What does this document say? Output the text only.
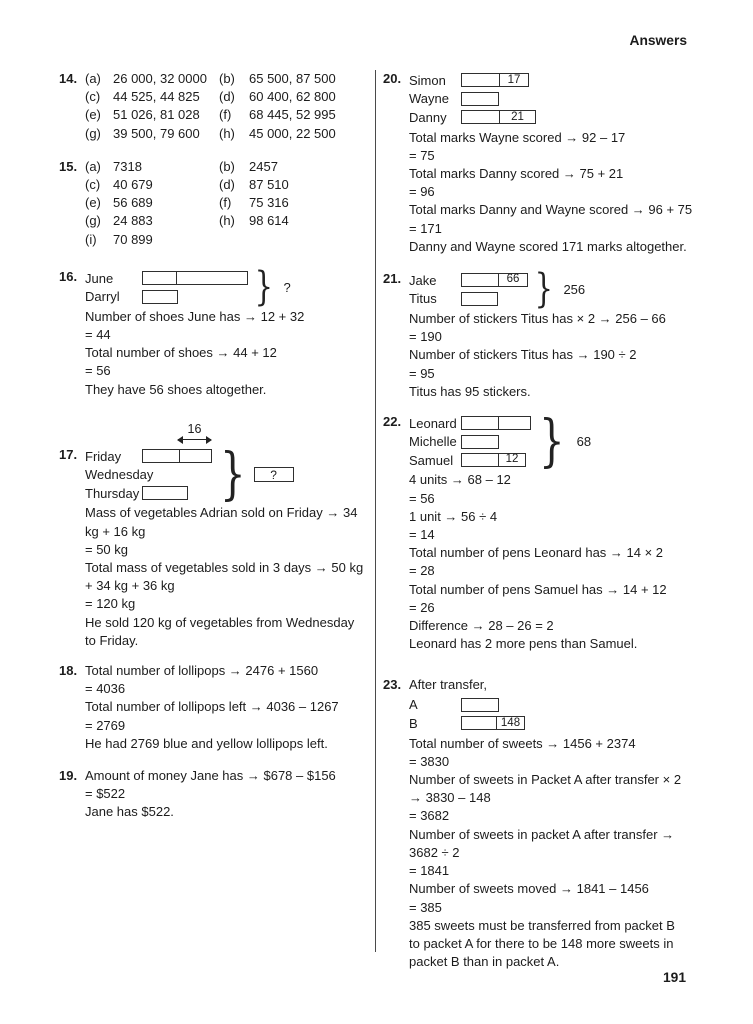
Answers
191
14. (a) 26 000, 32 0000 (b)	65 500, 87 500
(c) 44 525, 44 825	(d)	60 400, 62 800
(e) 51 026, 81 028	(f)	68 445, 52 995
(g) 39 500, 79 600	(h)	45 000, 22 500
15. (a) 7318	(b)	2457
(c) 40 679	(d)	87 510
(e) 56 689	(f)	75 316
(g) 24 883	(h)	98 614
(i)	70 899
16. June
Darryl
}
?
Number of shoes June has → 12 + 32
= 44
Total number of shoes → 44 + 12
= 56
They have 56 shoes altogether.
17.
16
Friday
Wednesday
Thursday
}
?
Mass of vegetables Adrian sold on Friday → 34
kg + 16 kg
= 50 kg
Total mass of vegetables sold in 3 days → 50 kg
+ 34 kg + 36 kg
= 120 kg
He sold 120 kg of vegetables from Wednesday
to Friday.
18. Total number of lollipops → 2476 + 1560
= 4036
Total number of lollipops left → 4036 – 1267
= 2769
He had 2769 blue and yellow lollipops left.
19. Amount of money Jane has → $678 – $156
= $522
Jane has $522.
20. Simon	17
Wayne
Danny	21
Total marks Wayne scored → 92 – 17
= 75
Total marks Danny scored → 75 + 21
= 96
Total marks Danny and Wayne scored → 96 + 75
= 171
Danny and Wayne scored 171 marks altogether.
21. Jake	66
Titus
}
256
Number of stickers Titus has × 2 → 256 – 66
= 190
Number of stickers Titus has → 190 ÷ 2
= 95
Titus has 95 stickers.
22. Leonard
Michelle
Samuel	12
}
68
4 units → 68 – 12
= 56
1 unit → 56 ÷ 4
= 14
Total number of pens Leonard has → 14 × 2
= 28
Total number of pens Samuel has → 14 + 12
= 26
Difference → 28 – 26 = 2
Leonard has 2 more pens than Samuel.
23. After transfer,
A
B	148
Total number of sweets → 1456 + 2374
= 3830
Number of sweets in Packet A after transfer × 2
→ 3830 – 148
= 3682
Number of sweets in packet A after transfer →
3682 ÷ 2
= 1841
Number of sweets moved → 1841 – 1456
= 385
385 sweets must be transferred from packet B
to packet A for there to be 148 more sweets in
packet B than in packet A.
